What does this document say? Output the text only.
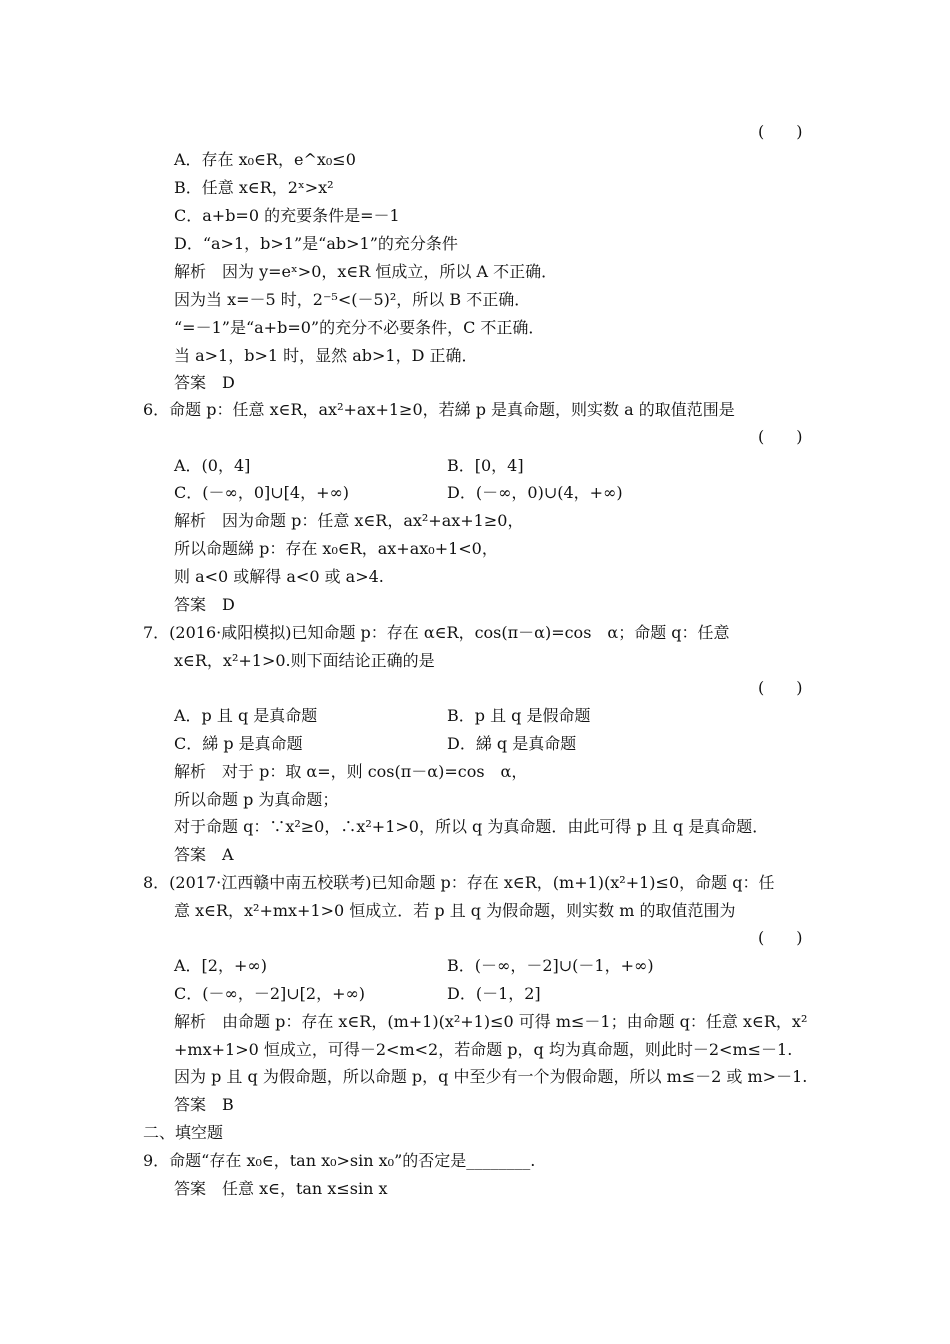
(　　)
A．存在 x₀∈R，e^x₀≤0
B．任意 x∈R，2ˣ>x²
C．a+b=0 的充要条件是=－1
D．“a>1，b>1”是“ab>1”的充分条件
解析　因为 y=eˣ>0，x∈R 恒成立，所以 A 不正确．
因为当 x=－5 时，2⁻⁵<(－5)²，所以 B 不正确．
“=－1”是“a+b=0”的充分不必要条件，C 不正确．
当 a>1，b>1 时，显然 ab>1，D 正确．
答案　D
6．命题 p：任意 x∈R，ax²+ax+1≥0，若綈 p 是真命题，则实数 a 的取值范围是
(　　)
A．(0，4]	B．[0，4]
C．(－∞，0]∪[4，+∞)	D．(－∞，0)∪(4，+∞)
解析　因为命题 p：任意 x∈R，ax²+ax+1≥0，
所以命题綈 p：存在 x₀∈R，ax+ax₀+1<0，
则 a<0 或解得 a<0 或 a>4.
答案　D
7．(2016·咸阳模拟)已知命题 p：存在 α∈R，cos(π－α)=cos　α；命题 q：任意
x∈R，x²+1>0.则下面结论正确的是
(　　)
A．p 且 q 是真命题	B．p 且 q 是假命题
C．綈 p 是真命题	D．綈 q 是真命题
解析　对于 p：取 α=，则 cos(π－α)=cos　α，
所以命题 p 为真命题；
对于命题 q：∵x²≥0，∴x²+1>0，所以 q 为真命题．由此可得 p 且 q 是真命题．
答案　A
8．(2017·江西赣中南五校联考)已知命题 p：存在 x∈R，(m+1)(x²+1)≤0，命题 q：任
意 x∈R，x²+mx+1>0 恒成立．若 p 且 q 为假命题，则实数 m 的取值范围为
(　　)
A．[2，+∞)	B．(－∞，－2]∪(－1，+∞)
C．(－∞，－2]∪[2，+∞)	D．(－1，2]
解析　由命题 p：存在 x∈R，(m+1)(x²+1)≤0 可得 m≤－1；由命题 q：任意 x∈R，x²
+mx+1>0 恒成立，可得－2<m<2，若命题 p，q 均为真命题，则此时－2<m≤－1.
因为 p 且 q 为假命题，所以命题 p，q 中至少有一个为假命题，所以 m≤－2 或 m>－1.
答案　B
二、填空题
9．命题“存在 x₀∈，tan x₀>sin x₀”的否定是________.
答案　任意 x∈，tan x≤sin x
